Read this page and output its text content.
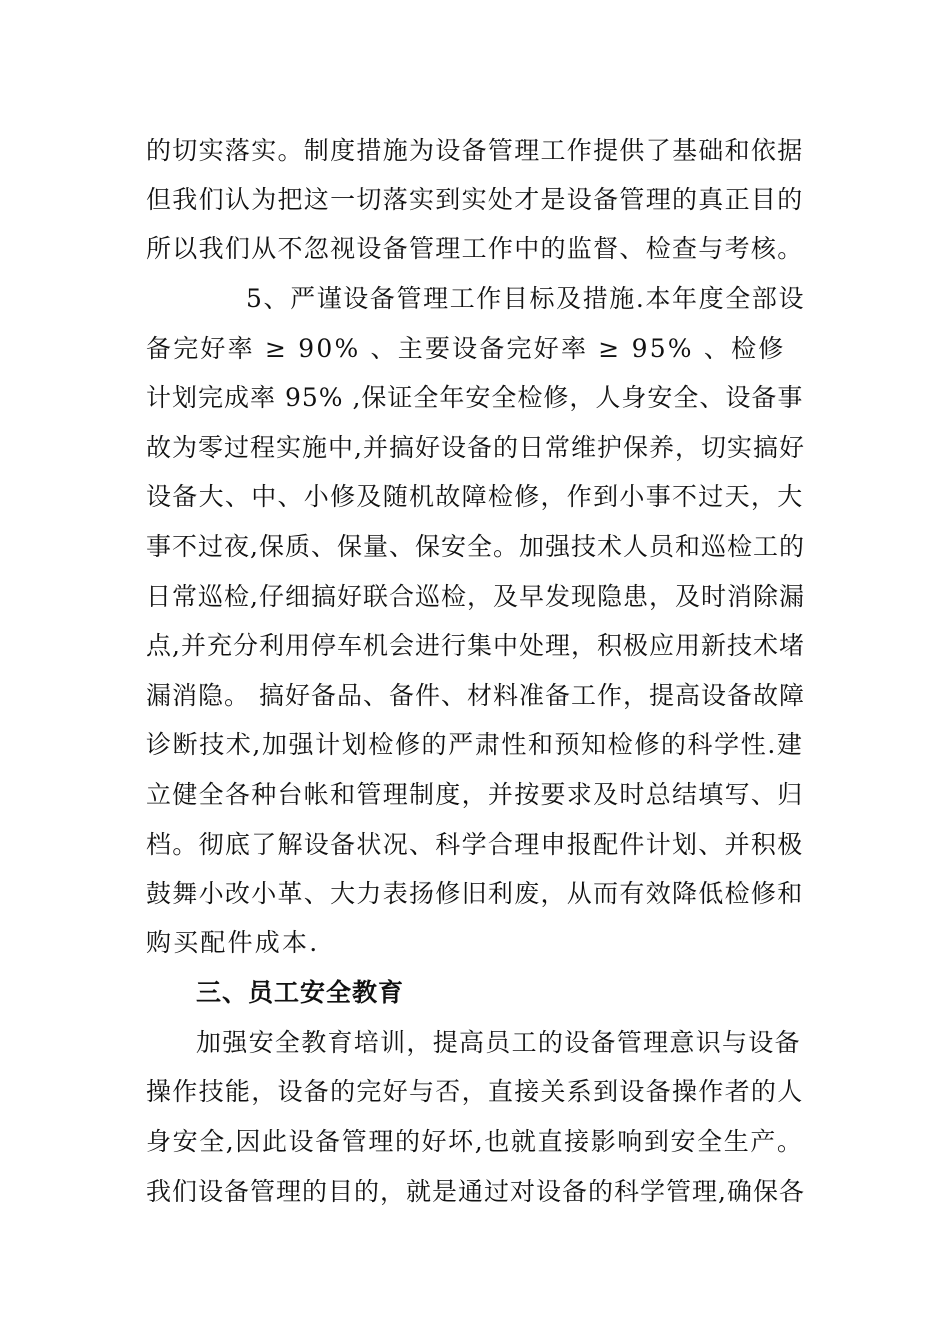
的切实落实。制度措施为设备管理工作提供了基础和依据
但我们认为把这一切落实到实处才是设备管理的真正目的
所以我们从不忽视设备管理工作中的监督、检查与考核。
5、严谨设备管理工作目标及措施.本年度全部设
备完好率 ≥ 90% 、主要设备完好率 ≥ 95% 、检修
计划完成率 95% ,保证全年安全检修，人身安全、设备事
故为零过程实施中,并搞好设备的日常维护保养，切实搞好
设备大、中、小修及随机故障检修，作到小事不过天，大
事不过夜,保质、保量、保安全。加强技术人员和巡检工的
日常巡检,仔细搞好联合巡检，及早发现隐患，及时消除漏
点,并充分利用停车机会进行集中处理，积极应用新技术堵
漏消隐。 搞好备品、备件、材料准备工作，提高设备故障
诊断技术,加强计划检修的严肃性和预知检修的科学性.建
立健全各种台帐和管理制度，并按要求及时总结填写、归
档。彻底了解设备状况、科学合理申报配件计划、并积极
鼓舞小改小革、大力表扬修旧利废，从而有效降低检修和
购买配件成本.
三、员工安全教育
加强安全教育培训，提高员工的设备管理意识与设备
操作技能，设备的完好与否，直接关系到设备操作者的人
身安全,因此设备管理的好坏,也就直接影响到安全生产。
我们设备管理的目的，就是通过对设备的科学管理,确保各
